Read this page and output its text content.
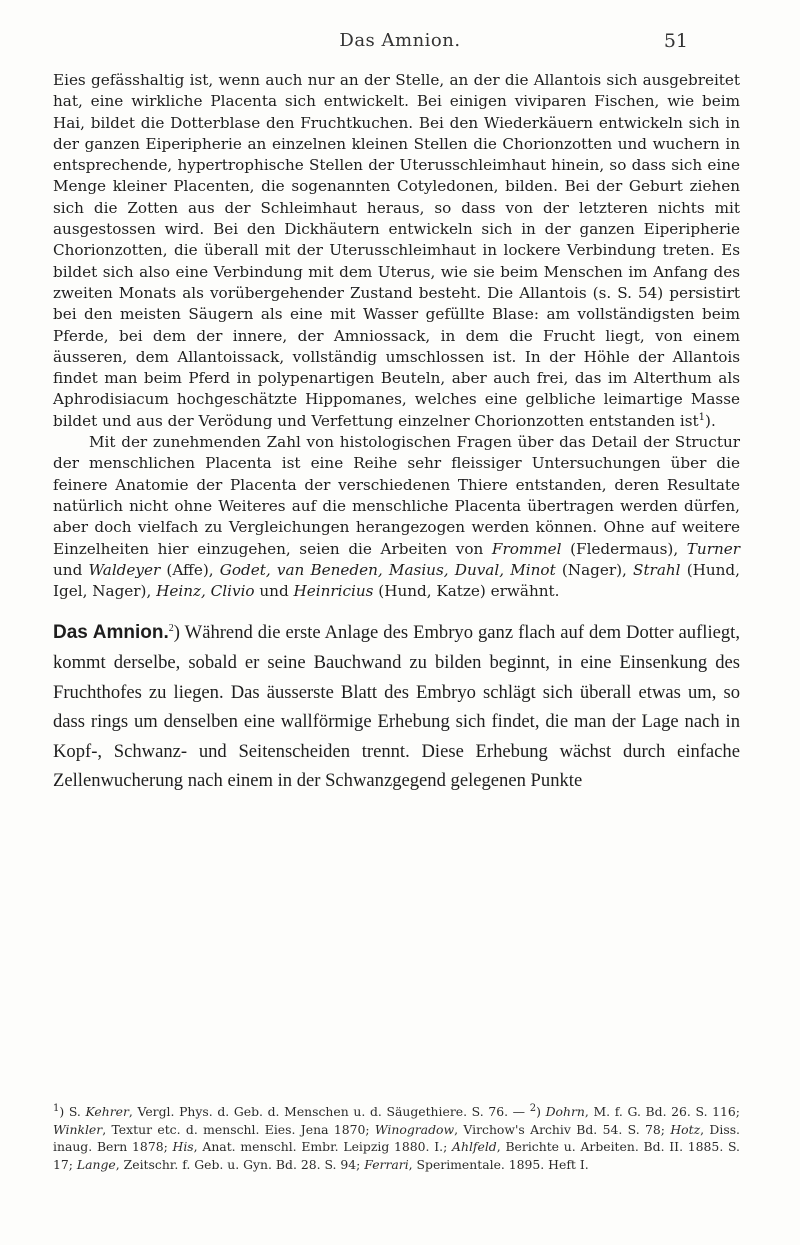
Das Amnion.	51

Eies gefässhaltig ist, wenn auch nur an der Stelle, an der die Allantois sich ausgebreitet hat, eine wirkliche Placenta sich entwickelt. Bei einigen viviparen Fischen, wie beim Hai, bildet die Dotterblase den Fruchtkuchen. Bei den Wiederkäuern entwickeln sich in der ganzen Eiperipherie an einzelnen kleinen Stellen die Chorionzotten und wuchern in entsprechende, hypertrophische Stellen der Uterusschleimhaut hinein, so dass sich eine Menge kleiner Placenten, die sogenannten Cotyledonen, bilden. Bei der Geburt ziehen sich die Zotten aus der Schleimhaut heraus, so dass von der letzteren nichts mit ausgestossen wird. Bei den Dickhäutern entwickeln sich in der ganzen Eiperipherie Chorionzotten, die überall mit der Uterusschleimhaut in lockere Verbindung treten. Es bildet sich also eine Verbindung mit dem Uterus, wie sie beim Menschen im Anfang des zweiten Monats als vorübergehender Zustand besteht. Die Allantois (s. S. 54) persistirt bei den meisten Säugern als eine mit Wasser gefüllte Blase: am vollständigsten beim Pferde, bei dem der innere, der Amniossack, in dem die Frucht liegt, von einem äusseren, dem Allantoissack, vollständig umschlossen ist. In der Höhle der Allantois findet man beim Pferd in polypenartigen Beuteln, aber auch frei, das im Alterthum als Aphrodisiacum hochgeschätzte Hippomanes, welches eine gelbliche leimartige Masse bildet und aus der Verödung und Verfettung einzelner Chorionzotten entstanden ist$^1$).

Mit der zunehmenden Zahl von histologischen Fragen über das Detail der Structur der menschlichen Placenta ist eine Reihe sehr fleissiger Untersuchungen über die feinere Anatomie der Placenta der verschiedenen Thiere entstanden, deren Resultate natürlich nicht ohne Weiteres auf die menschliche Placenta übertragen werden dürfen, aber doch vielfach zu Vergleichungen herangezogen werden können. Ohne auf weitere Einzelheiten hier einzugehen, seien die Arbeiten von Frommel (Fledermaus), Turner und Waldeyer (Affe), Godet, van Beneden, Masius, Duval, Minot (Nager), Strahl (Hund, Igel, Nager), Heinz, Clivio und Heinricius (Hund, Katze) erwähnt.

Das Amnion.$^2$) Während die erste Anlage des Embryo ganz flach auf dem Dotter aufliegt, kommt derselbe, sobald er seine Bauchwand zu bilden beginnt, in eine Einsenkung des Fruchthofes zu liegen. Das äusserste Blatt des Embryo schlägt sich überall etwas um, so dass rings um denselben eine wallförmige Erhebung sich findet, die man der Lage nach in Kopf-, Schwanz- und Seitenscheiden trennt. Diese Erhebung wächst durch einfache Zellenwucherung nach einem in der Schwanzgegend gelegenen Punkte

$^1$) S. Kehrer, Vergl. Phys. d. Geb. d. Menschen u. d. Säugethiere. S. 76. — $^2$) Dohrn, M. f. G. Bd. 26. S. 116; Winkler, Textur etc. d. menschl. Eies. Jena 1870; Winogradow, Virchow's Archiv Bd. 54. S. 78; Hotz, Diss. inaug. Bern 1878; His, Anat. menschl. Embr. Leipzig 1880. I.; Ahlfeld, Berichte u. Arbeiten. Bd. II. 1885. S. 17; Lange, Zeitschr. f. Geb. u. Gyn. Bd. 28. S. 94; Ferrari, Sperimentale. 1895. Heft I.
